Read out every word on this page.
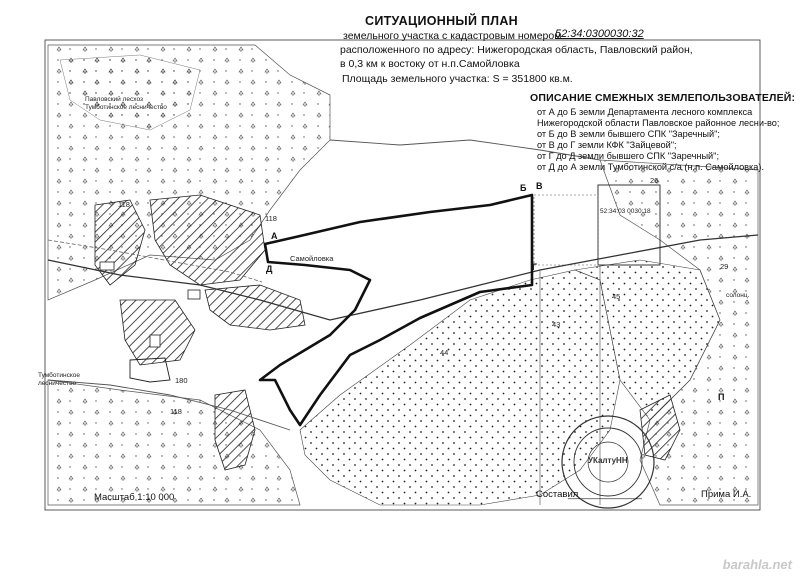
СИТУАЦИОННЫЙ ПЛАН
земельного участка с кадастровым номером
52:34:0300030:32
расположенного по адресу: Нижегородская область, Павловский район,
в 0,3 км к востоку от н.п.Самойловка
Площадь земельного участка: S = 351800 кв.м.
ОПИСАНИЕ СМЕЖНЫХ ЗЕМЛЕПОЛЬЗОВАТЕЛЕЙ:
от А до Б земли Департамента лесного комплекса
Нижегородской области Павловское районное лесни-во;
от Б до В земли бывшего СПК "Заречный";
от В до Г земли КФК "Зайцевой";
от Г до Д земли бывшего СПК "Заречный";
от Д до А земли Тумботинской с/а (н.п. Самойловка).
Павловский лесхоз
Тумботинское лесничество
Самойловка
Тумботинское
лесничество
52:34:03 0030:18
118
118
118
45
43
44
180
29
26
солонц.
А
Б В
Д	Г
П
УКалтуНН
Масштаб 1:10 000	Составил
______________	Прима И.А.
barahla.net
